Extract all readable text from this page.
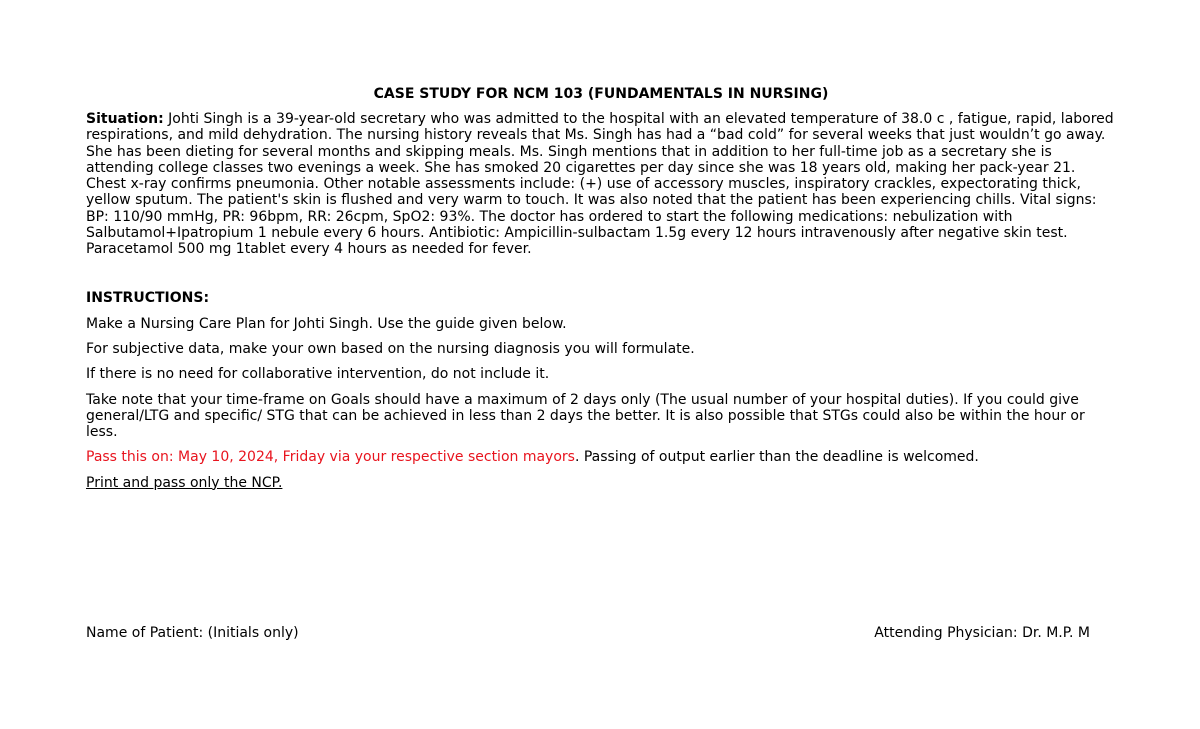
CASE STUDY FOR NCM 103 (FUNDAMENTALS IN NURSING)

Situation: Johti Singh is a 39-year-old secretary who was admitted to the hospital with an elevated temperature of 38.0 c , fatigue, rapid, labored respirations, and mild dehydration. The nursing history reveals that Ms. Singh has had a “bad cold” for several weeks that just wouldn’t go away. She has been dieting for several months and skipping meals. Ms. Singh mentions that in addition to her full-time job as a secretary she is attending college classes two evenings a week. She has smoked 20 cigarettes per day since she was 18 years old, making her pack-year 21. Chest x-ray confirms pneumonia. Other notable assessments include: (+) use of accessory muscles, inspiratory crackles, expectorating thick, yellow sputum. The patient's skin is flushed and very warm to touch. It was also noted that the patient has been experiencing chills. Vital signs: BP: 110/90 mmHg, PR: 96bpm, RR: 26cpm, SpO2: 93%. The doctor has ordered to start the following medications: nebulization with Salbutamol+Ipatropium 1 nebule every 6 hours. Antibiotic: Ampicillin-sulbactam 1.5g every 12 hours intravenously after negative skin test. Paracetamol 500 mg 1tablet every 4 hours as needed for fever.

INSTRUCTIONS:

Make a Nursing Care Plan for Johti Singh. Use the guide given below.

For subjective data, make your own based on the nursing diagnosis you will formulate.

If there is no need for collaborative intervention, do not include it.

Take note that your time-frame on Goals should have a maximum of 2 days only (The usual number of your hospital duties). If you could give general/LTG and specific/ STG that can be achieved in less than 2 days the better. It is also possible that STGs could also be within the hour or less.

Pass this on: May 10, 2024, Friday via your respective section mayors. Passing of output earlier than the deadline is welcomed.

Print and pass only the NCP.

Name of Patient: (Initials only)	Attending Physician: Dr. M.P. M
